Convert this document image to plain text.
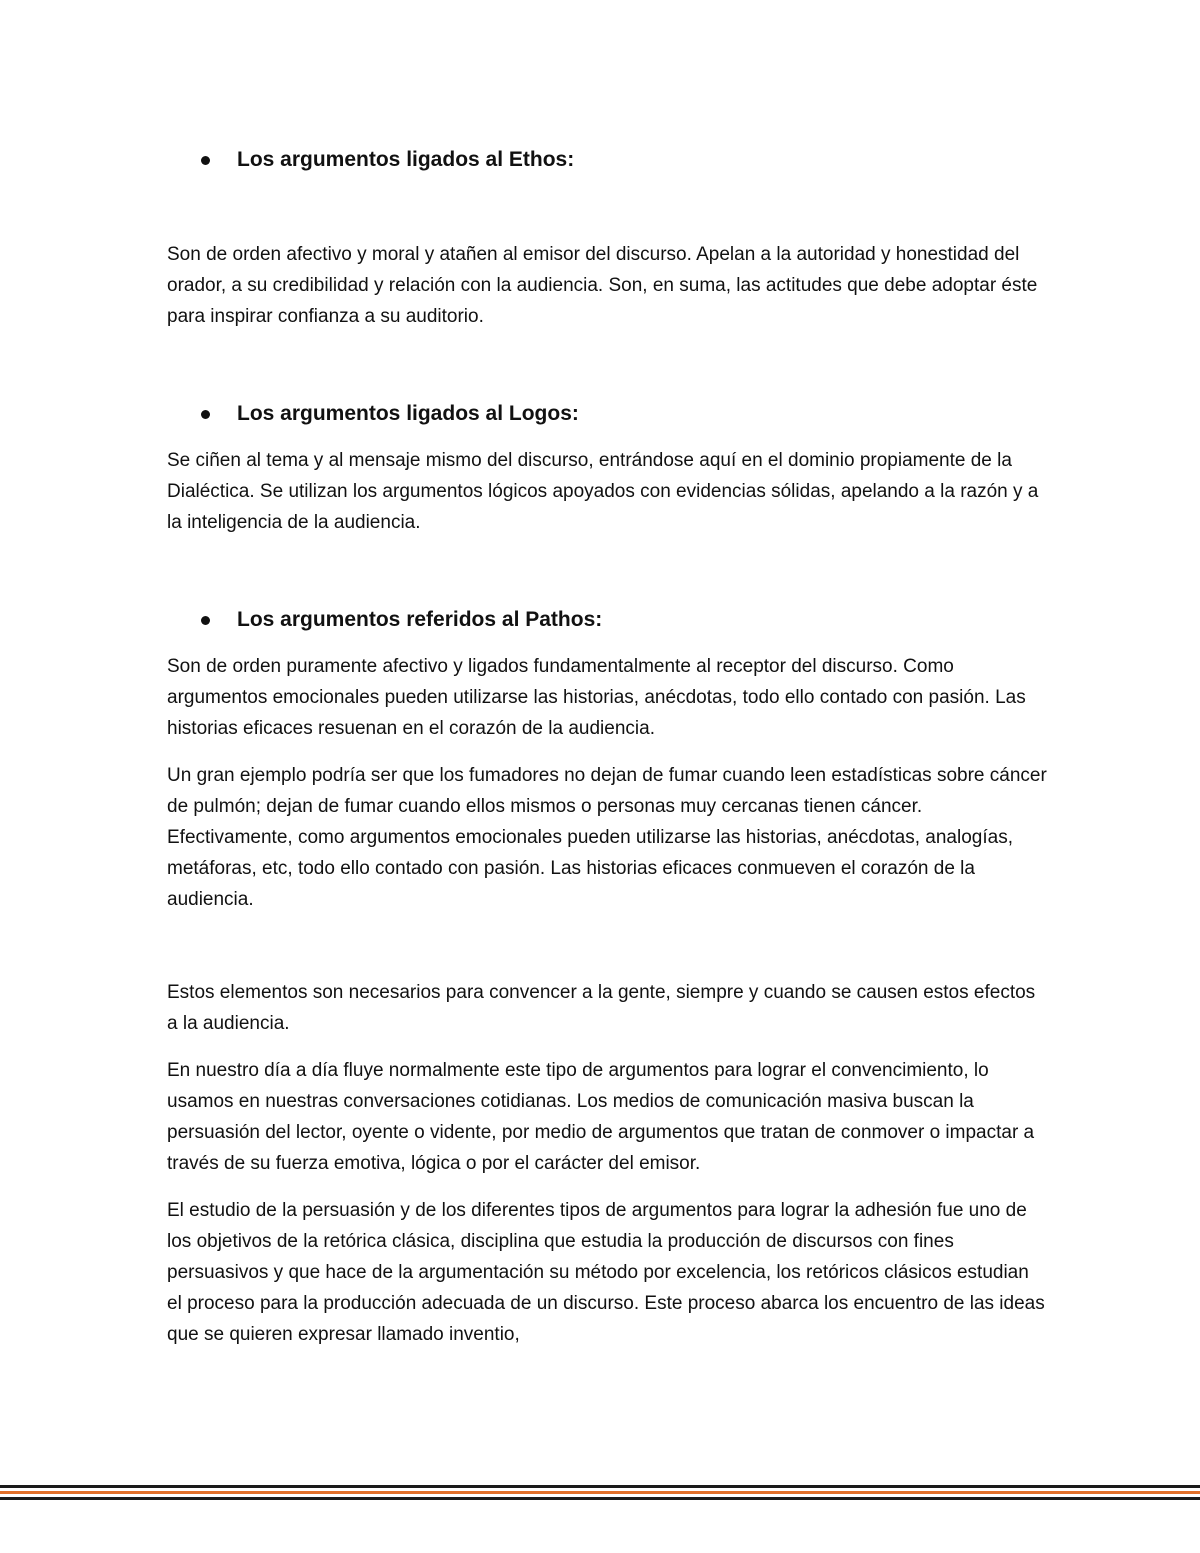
Los argumentos ligados al Ethos:

Son de orden afectivo y moral y atañen al emisor del discurso. Apelan a la autoridad y honestidad del orador, a su credibilidad y relación con la audiencia. Son, en suma, las actitudes que debe adoptar éste para inspirar confianza a su auditorio.

Los argumentos ligados al Logos:

Se ciñen al tema y al mensaje mismo del discurso, entrándose aquí en el dominio propiamente de la Dialéctica. Se utilizan los argumentos lógicos apoyados con evidencias sólidas, apelando a la razón y a la inteligencia de la audiencia.

Los argumentos referidos al Pathos:

Son de orden puramente afectivo y ligados fundamentalmente al receptor del discurso. Como argumentos emocionales pueden utilizarse las historias, anécdotas, todo ello contado con pasión. Las historias eficaces resuenan en el corazón de la audiencia.

Un gran ejemplo podría ser que los fumadores no dejan de fumar cuando leen estadísticas sobre cáncer de pulmón; dejan de fumar cuando ellos mismos o personas muy cercanas tienen cáncer. Efectivamente, como argumentos emocionales pueden utilizarse las historias, anécdotas, analogías, metáforas, etc, todo ello contado con pasión. Las historias eficaces conmueven el corazón de la audiencia.

Estos elementos son necesarios para convencer a la gente, siempre y cuando se causen estos efectos a la audiencia.

En nuestro día a día fluye normalmente este tipo de argumentos para lograr el convencimiento, lo usamos en nuestras conversaciones cotidianas. Los medios de comunicación masiva buscan la persuasión del lector, oyente o vidente, por medio de argumentos que tratan de conmover o impactar a través de su fuerza emotiva, lógica o por el carácter del emisor.

El estudio de la persuasión y de los diferentes tipos de argumentos para lograr la adhesión fue uno de los objetivos de la retórica clásica, disciplina que estudia la producción de discursos con fines persuasivos y que hace de la argumentación su método por excelencia, los retóricos clásicos estudian el proceso para la producción adecuada de un discurso. Este proceso abarca los encuentro de las ideas que se quieren expresar llamado inventio,
